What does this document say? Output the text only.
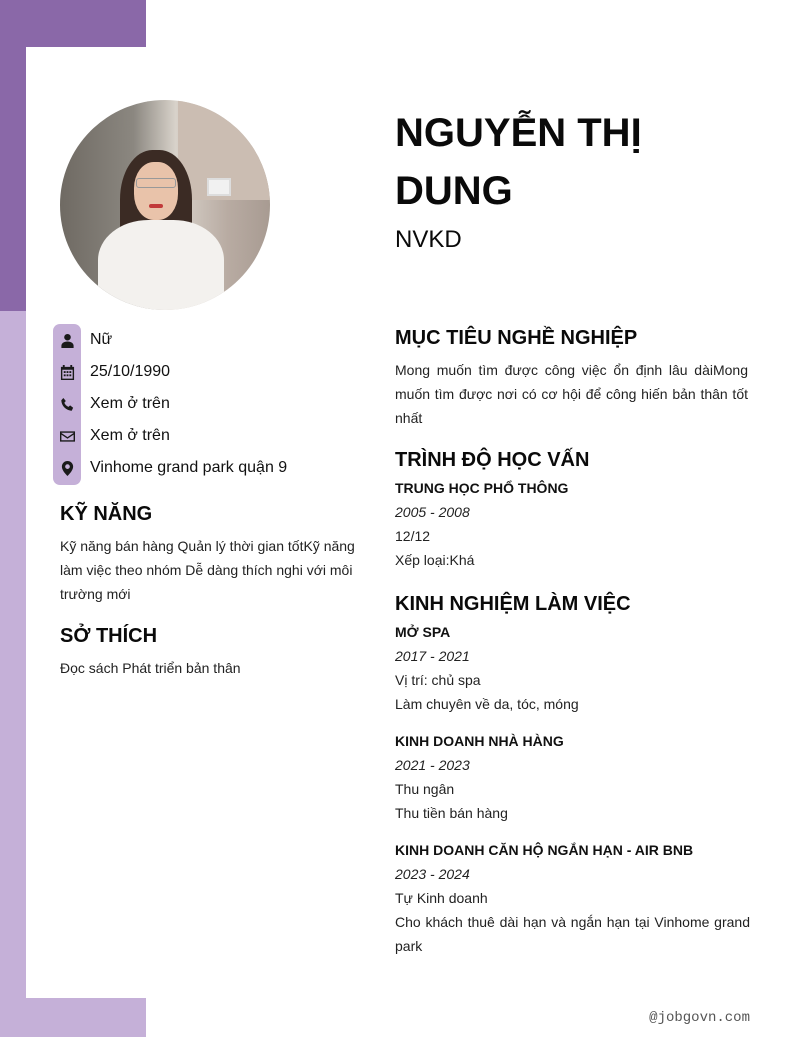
NGUYỄN THỊ DUNG
NVKD
Nữ
25/10/1990
Xem ở trên
Xem ở trên
Vinhome grand park quận 9
KỸ NĂNG
Kỹ năng bán hàng Quản lý thời gian tốtKỹ năng làm việc theo nhóm Dễ dàng thích nghi với môi trường mới
SỞ THÍCH
Đọc sách Phát triển bản thân
MỤC TIÊU NGHỀ NGHIỆP
Mong muốn tìm được công việc ổn định lâu dàiMong muốn tìm được nơi có cơ hội để công hiến bản thân tốt nhất
TRÌNH ĐỘ HỌC VẤN
TRUNG HỌC PHỔ THÔNG
2005 - 2008
12/12
Xếp loại:Khá
KINH NGHIỆM LÀM VIỆC
MỞ SPA
2017 - 2021
Vị trí: chủ spa
Làm chuyên về da, tóc, móng
KINH DOANH NHÀ HÀNG
2021 - 2023
Thu ngân
Thu tiền bán hàng
KINH DOANH CĂN HỘ NGẮN HẠN - AIR BNB
2023 - 2024
Tự Kinh doanh
Cho khách thuê dài hạn và ngắn hạn tại Vinhome grand park
@jobgovn.com
